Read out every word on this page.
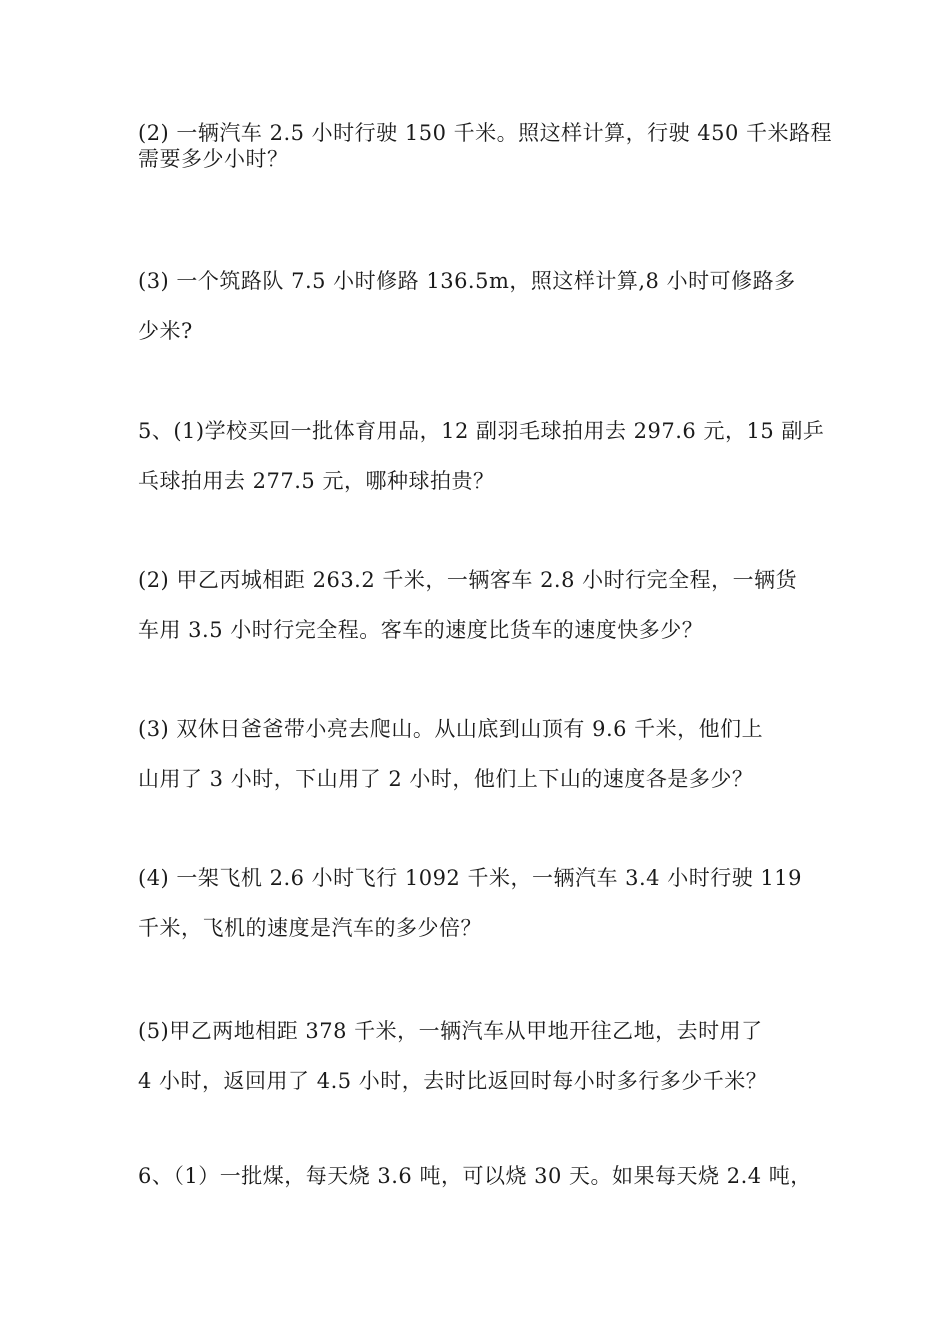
(2) 一辆汽车 2.5 小时行驶 150 千米。照这样计算，行驶 450 千米路程
需要多少小时？
(3) 一个筑路队 7.5 小时修路 136.5m，照这样计算,8 小时可修路多
少米?
5、(1)学校买回一批体育用品，12 副羽毛球拍用去 297.6 元，15 副乒
乓球拍用去 277.5 元，哪种球拍贵？
(2) 甲乙丙城相距 263.2 千米，一辆客车 2.8 小时行完全程，一辆货
车用 3.5 小时行完全程。客车的速度比货车的速度快多少？
(3) 双休日爸爸带小亮去爬山。从山底到山顶有 9.6 千米，他们上
山用了 3 小时，下山用了 2 小时，他们上下山的速度各是多少？
(4) 一架飞机 2.6 小时飞行 1092 千米，一辆汽车 3.4 小时行驶 119
千米，飞机的速度是汽车的多少倍？
(5)甲乙两地相距 378 千米，一辆汽车从甲地开往乙地，去时用了
4 小时，返回用了 4.5 小时，去时比返回时每小时多行多少千米？
6、（1）一批煤，每天烧 3.6 吨，可以烧 30 天。如果每天烧 2.4 吨，
